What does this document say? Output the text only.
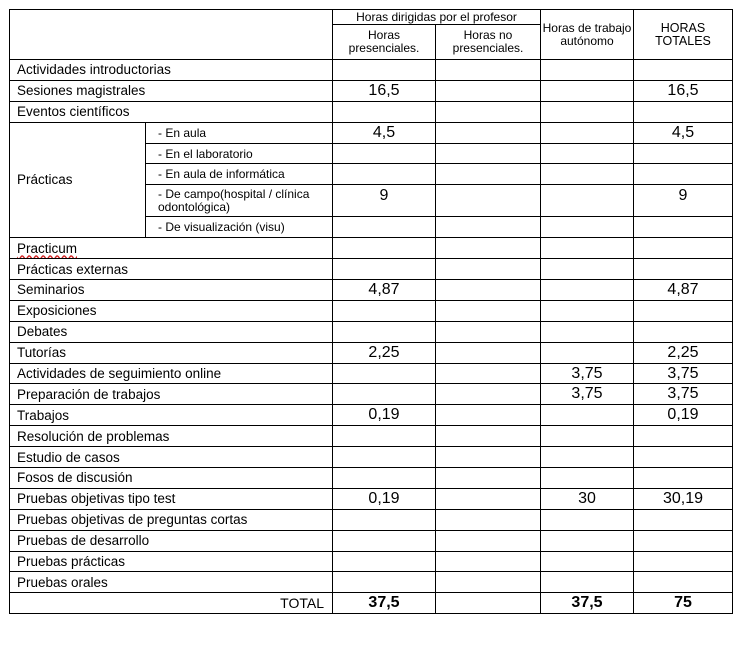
		Horas dirigidas por el profesor		Horas de trabajo autónomo	HORAS TOTALES
		Horas presenciales.	Horas no presenciales.		
Actividades introductorias					
Sesiones magistrales		16,5			16,5
Eventos científicos					
Prácticas	- En aula	4,5			4,5
	- En el laboratorio				
	- En aula de informática				
	- De campo(hospital / clínica odontológica)	9			9
	- De visualización (visu)				
Practicum					
Prácticas externas					
Seminarios		4,87			4,87
Exposiciones					
Debates					
Tutorías		2,25			2,25
Actividades de seguimiento online				3,75	3,75
Preparación de trabajos				3,75	3,75
Trabajos		0,19			0,19
Resolución de problemas					
Estudio de casos					
Fosos de discusión					
Pruebas objetivas tipo test		0,19		30	30,19
Pruebas objetivas de preguntas cortas					
Pruebas de desarrollo					
Pruebas prácticas					
Pruebas orales					
TOTAL		37,5		37,5	75
